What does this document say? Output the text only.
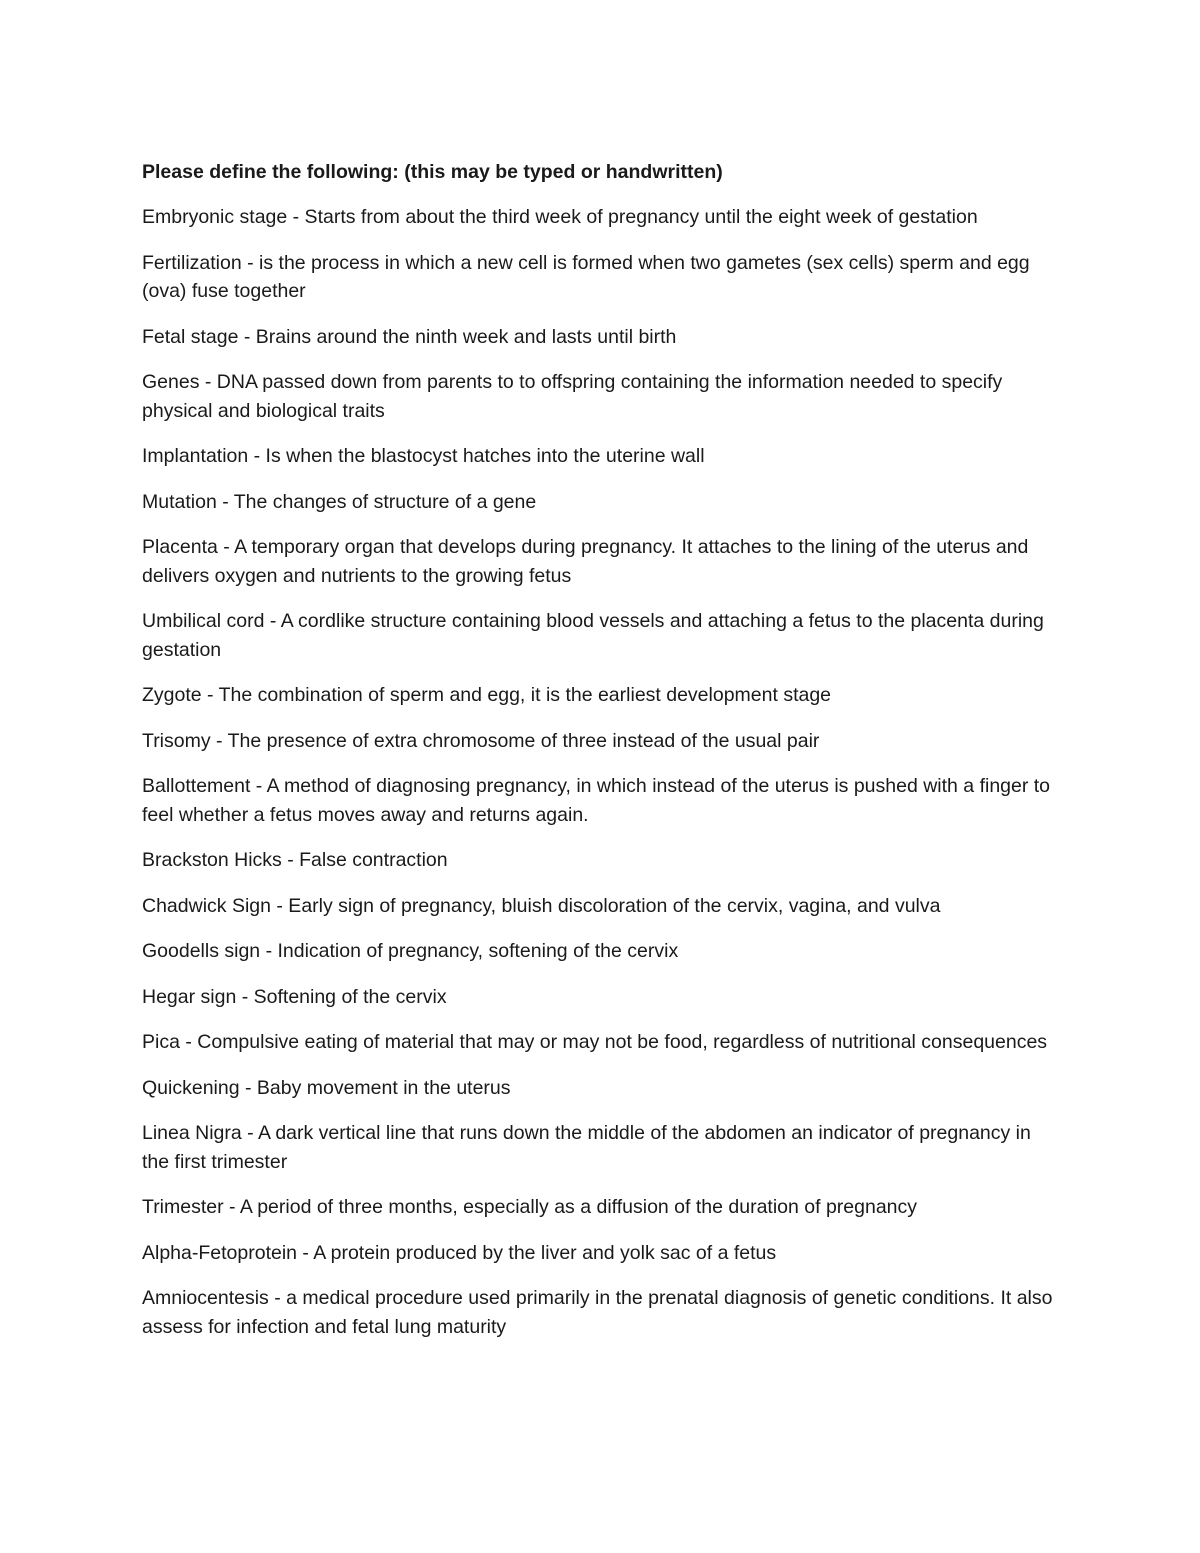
Please define the following: (this may be typed or handwritten)

Embryonic stage - Starts from about the third week of pregnancy until the eight week of gestation

Fertilization - is the process in which a new cell is formed when two gametes (sex cells) sperm and egg (ova) fuse together

Fetal stage - Brains around the ninth week and lasts until birth

Genes - DNA passed down from parents to to offspring containing the information needed to specify physical and biological traits

Implantation - Is when the blastocyst hatches into the uterine wall

Mutation - The changes of structure of a gene

Placenta - A temporary organ that develops during pregnancy. It attaches to the lining of the uterus and delivers oxygen and nutrients to the growing fetus

Umbilical cord - A cordlike structure containing blood vessels and attaching a fetus to the placenta during gestation

Zygote - The combination of sperm and egg, it is the earliest development stage

Trisomy - The presence of extra chromosome of three instead of the usual pair

Ballottement - A method of diagnosing pregnancy, in which instead of the uterus is pushed with a finger to feel whether a fetus moves away and returns again.

Brackston Hicks - False contraction

Chadwick Sign - Early sign of pregnancy, bluish discoloration of the cervix, vagina, and vulva

Goodells sign - Indication of pregnancy, softening of the cervix

Hegar sign - Softening of the cervix

Pica - Compulsive eating of material that may or may not be food, regardless of nutritional consequences

Quickening - Baby movement in the uterus

Linea Nigra - A dark vertical line that runs down the middle of the abdomen an indicator of pregnancy in the first trimester

Trimester - A period of three months, especially as a diffusion of the duration of pregnancy

Alpha-Fetoprotein - A protein produced by the liver and yolk sac of a fetus

Amniocentesis - a medical procedure used primarily in the prenatal diagnosis of genetic conditions. It also assess for infection and fetal lung maturity
